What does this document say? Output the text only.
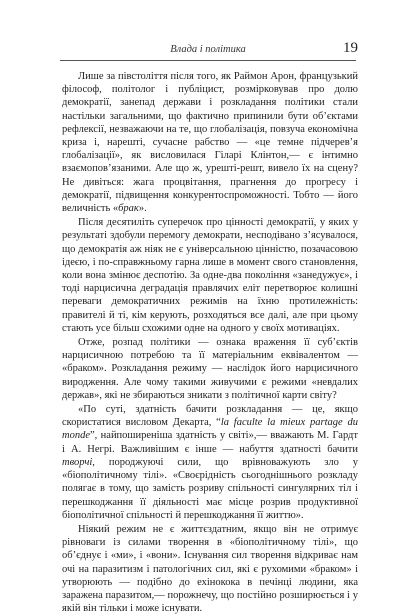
Влада і політика	19

Лише за півстоліття після того, як Раймон Арон, французький філософ, політолог і публіцист, розмірковував про долю демократії, занепад держави і розкладання політики стали настільки загальними, що фактично припинили бути об’єктами рефлексії, незважаючи на те, що глобалізація, повзуча економічна криза і, нарешті, сучасне рабство — «це темне підчерев’я глобалізації», як висловилася Гіларі Клінтон,— є інтимно взаємопов’язаними. Але що ж, урешті-решт, вивело їх на сцену? Не дивіться: жага процвітання, прагнення до прогресу і демократії, підвищення конкурентоспроможності. Тобто — його величність «брак».

Після десятиліть суперечок про цінності демократії, у яких у результаті здобули перемогу демократи, несподівано з’ясувалося, що демократія аж ніяк не є універсальною цінністю, позачасовою ідеєю, і по-справжньому гарна лише в момент свого становлення, коли вона змінює деспотію. За одне-два покоління «занедужує», і тоді нарцисична деградація правлячих еліт перетворює колишні переваги демократичних режимів на їхню протилежність: правителі й ті, кім керують, розходяться все далі, але при цьому стають усе більш схожими одне на одного у своїх мотиваціях.

Отже, розпад політики — ознака враження її суб’єктів нарцисичною потребою та її матеріальним еквівалентом — «браком». Розкладання режиму — наслідок його нарцисичного виродження. Але чому такими живучими є режими «невдалих держав», які не збираються зникати з політичної карти світу?

«По суті, здатність бачити розкладання — це, якщо скористатися висловом Декарта, “la faculte la mieux partage du monde”, найпоширеніша здатність у світі»,— вважають М. Гардт і А. Негрі. Важливішим є інше — набуття здатності бачити творчі, породжуючі сили, що врівноважують зло у «біополітичному тілі». «Своєрідність сьогоднішнього розкладу полягає в тому, що замість розриву спільності сингулярних тіл і перешкоджання її діяльності має місце розрив продуктивної біополітичної спільності й перешкоджання її життю».

Ніякий режим не є життєздатним, якщо він не отримує рівноваги із силами творення в «біополітичному тілі», що об’єднує і «ми», і «вони». Існування сил творення відкриває нам очі на паразитизм і патологічних сил, які є рухомими «браком» і утворюють — подібно до ехінокока в печінці людини, яка заражена паразитом,— порожнечу, що постійно розширюється і у якій він тільки і може існувати.
